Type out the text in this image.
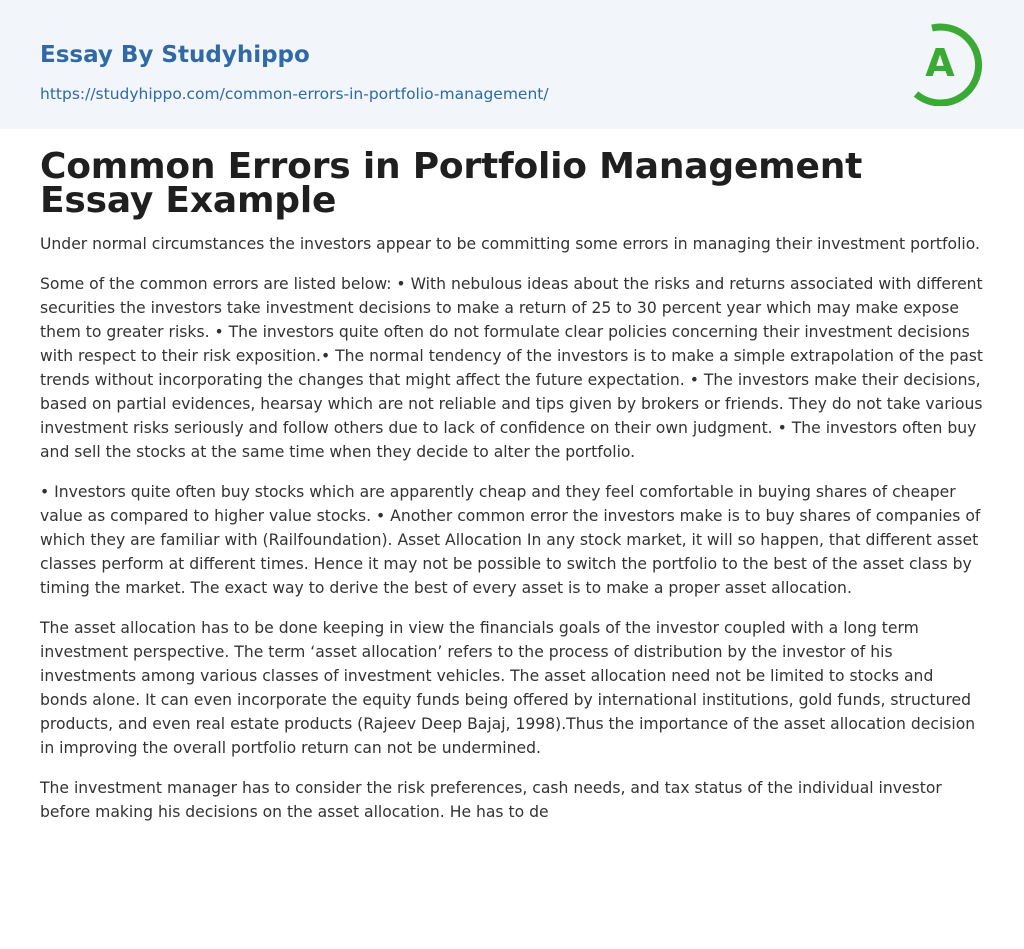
Essay By Studyhippo
https://studyhippo.com/common-errors-in-portfolio-management/
A
Common Errors in Portfolio Management Essay Example

Under normal circumstances the investors appear to be committing some errors in managing their investment portfolio.

Some of the common errors are listed below: • With nebulous ideas about the risks and returns associated with different securities the investors take investment decisions to make a return of 25 to 30 percent year which may make expose them to greater risks. • The investors quite often do not formulate clear policies concerning their investment decisions with respect to their risk exposition.• The normal tendency of the investors is to make a simple extrapolation of the past trends without incorporating the changes that might affect the future expectation. • The investors make their decisions, based on partial evidences, hearsay which are not reliable and tips given by brokers or friends. They do not take various investment risks seriously and follow others due to lack of confidence on their own judgment. • The investors often buy and sell the stocks at the same time when they decide to alter the portfolio.

• Investors quite often buy stocks which are apparently cheap and they feel comfortable in buying shares of cheaper value as compared to higher value stocks. • Another common error the investors make is to buy shares of companies of which they are familiar with (Railfoundation). Asset Allocation In any stock market, it will so happen, that different asset classes perform at different times. Hence it may not be possible to switch the portfolio to the best of the asset class by timing the market. The exact way to derive the best of every asset is to make a proper asset allocation.

The asset allocation has to be done keeping in view the financials goals of the investor coupled with a long term investment perspective. The term ‘asset allocation’ refers to the process of distribution by the investor of his investments among various classes of investment vehicles. The asset allocation need not be limited to stocks and bonds alone. It can even incorporate the equity funds being offered by international institutions, gold funds, structured products, and even real estate products (Rajeev Deep Bajaj, 1998).Thus the importance of the asset allocation decision in improving the overall portfolio return can not be undermined.

The investment manager has to consider the risk preferences, cash needs, and tax status of the individual investor before making his decisions on the asset allocation. He has to de
